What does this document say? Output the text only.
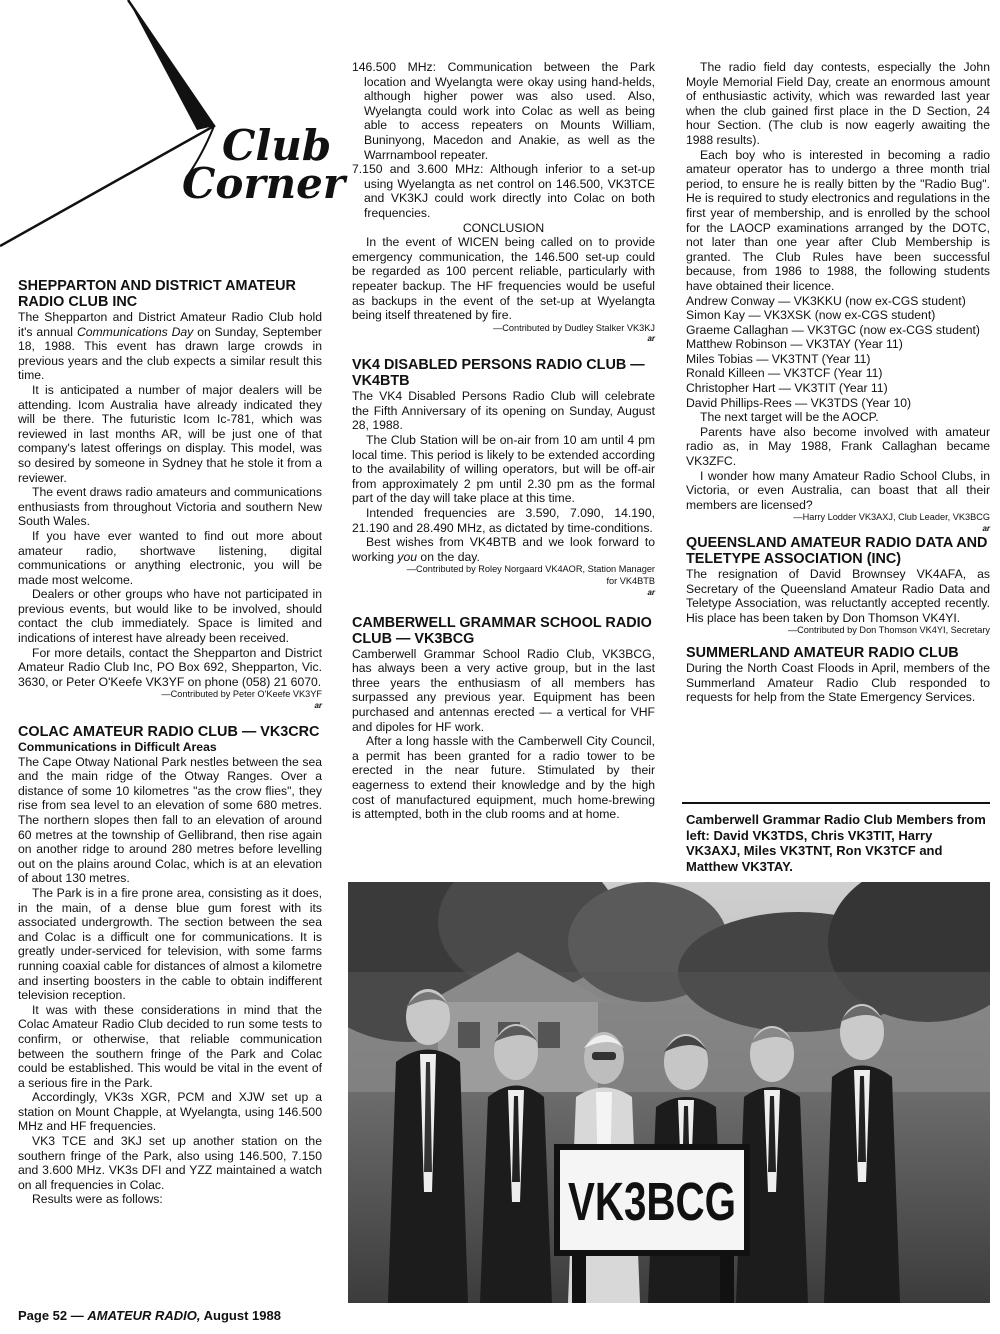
Club
Corner
SHEPPARTON AND DISTRICT AMATEUR RADIO CLUB INC

The Shepparton and District Amateur Radio Club hold it's annual Communications Day on Sunday, September 18, 1988. This event has drawn large crowds in previous years and the club expects a similar result this time.

It is anticipated a number of major dealers will be attending. Icom Australia have already indicated they will be there. The futuristic Icom Ic-781, which was reviewed in last months AR, will be just one of that company's latest offerings on display. This model, was so desired by someone in Sydney that he stole it from a reviewer.

The event draws radio amateurs and communications enthusiasts from throughout Victoria and southern New South Wales.

If you have ever wanted to find out more about amateur radio, shortwave listening, digital communications or anything electronic, you will be made most welcome.

Dealers or other groups who have not participated in previous events, but would like to be involved, should contact the club immediately. Space is limited and indications of interest have already been received.

For more details, contact the Shepparton and District Amateur Radio Club Inc, PO Box 692, Shepparton, Vic. 3630, or Peter O'Keefe VK3YF on phone (058) 21 6070.

—Contributed by Peter O'Keefe VK3YF

ar
COLAC AMATEUR RADIO CLUB — VK3CRC
Communications in Difficult Areas

The Cape Otway National Park nestles between the sea and the main ridge of the Otway Ranges. Over a distance of some 10 kilometres "as the crow flies", they rise from sea level to an elevation of some 680 metres. The northern slopes then fall to an elevation of around 60 metres at the township of Gellibrand, then rise again on another ridge to around 280 metres before levelling out on the plains around Colac, which is at an elevation of about 130 metres.

The Park is in a fire prone area, consisting as it does, in the main, of a dense blue gum forest with its associated undergrowth. The section between the sea and Colac is a difficult one for communications. It is greatly under-serviced for television, with some farms running coaxial cable for distances of almost a kilometre and inserting boosters in the cable to obtain indifferent television reception.

It was with these considerations in mind that the Colac Amateur Radio Club decided to run some tests to confirm, or otherwise, that reliable communication between the southern fringe of the Park and Colac could be established. This would be vital in the event of a serious fire in the Park.

Accordingly, VK3s XGR, PCM and XJW set up a station on Mount Chapple, at Wyelangta, using 146.500 MHz and HF frequencies.

VK3 TCE and 3KJ set up another station on the southern fringe of the Park, also using 146.500, 7.150 and 3.600 MHz. VK3s DFI and YZZ maintained a watch on all frequencies in Colac.

Results were as follows:

146.500 MHz: Communication between the Park location and Wyelangta were okay using hand-helds, although higher power was also used. Also, Wyelangta could work into Colac as well as being able to access repeaters on Mounts William, Buninyong, Macedon and Anakie, as well as the Warrnambool repeater.

7.150 and 3.600 MHz: Although inferior to a set-up using Wyelangta as net control on 146.500, VK3TCE and VK3KJ could work directly into Colac on both frequencies.

CONCLUSION

In the event of WICEN being called on to provide emergency communication, the 146.500 set-up could be regarded as 100 percent reliable, particularly with repeater backup. The HF frequencies would be useful as backups in the event of the set-up at Wyelangta being itself threatened by fire.

—Contributed by Dudley Stalker VK3KJ

ar
VK4 DISABLED PERSONS RADIO CLUB — VK4BTB

The VK4 Disabled Persons Radio Club will celebrate the Fifth Anniversary of its opening on Sunday, August 28, 1988.

The Club Station will be on-air from 10 am until 4 pm local time. This period is likely to be extended according to the availability of willing operators, but will be off-air from approximately 2 pm until 2.30 pm as the formal part of the day will take place at this time.

Intended frequencies are 3.590, 7.090, 14.190, 21.190 and 28.490 MHz, as dictated by time-conditions.

Best wishes from VK4BTB and we look forward to working you on the day.

—Contributed by Roley Norgaard VK4AOR, Station Manager

for VK4BTB

ar
CAMBERWELL GRAMMAR SCHOOL RADIO CLUB — VK3BCG

Camberwell Grammar School Radio Club, VK3BCG, has always been a very active group, but in the last three years the enthusiasm of all members has surpassed any previous year. Equipment has been purchased and antennas erected — a vertical for VHF and dipoles for HF work.

After a long hassle with the Camberwell City Council, a permit has been granted for a radio tower to be erected in the near future. Stimulated by their eagerness to extend their knowledge and by the high cost of manufactured equipment, much home-brewing is attempted, both in the club rooms and at home.

The radio field day contests, especially the John Moyle Memorial Field Day, create an enormous amount of enthusiastic activity, which was rewarded last year when the club gained first place in the D Section, 24 hour Section. (The club is now eagerly awaiting the 1988 results).

Each boy who is interested in becoming a radio amateur operator has to undergo a three month trial period, to ensure he is really bitten by the "Radio Bug". He is required to study electronics and regulations in the first year of membership, and is enrolled by the school for the LAOCP examinations arranged by the DOTC, not later than one year after Club Membership is granted. The Club Rules have been successful because, from 1986 to 1988, the following students have obtained their licence.

Andrew Conway — VK3KKU (now ex-CGS student)

Simon Kay — VK3XSK (now ex-CGS student)

Graeme Callaghan — VK3TGC (now ex-CGS student)

Matthew Robinson — VK3TAY (Year 11)

Miles Tobias — VK3TNT (Year 11)

Ronald Killeen — VK3TCF (Year 11)

Christopher Hart — VK3TIT (Year 11)

David Phillips-Rees — VK3TDS (Year 10)

The next target will be the AOCP.

Parents have also become involved with amateur radio as, in May 1988, Frank Callaghan became VK3ZFC.

I wonder how many Amateur Radio School Clubs, in Victoria, or even Australia, can boast that all their members are licensed?

—Harry Lodder VK3AXJ, Club Leader, VK3BCG

ar
QUEENSLAND AMATEUR RADIO DATA AND TELETYPE ASSOCIATION (INC)

The resignation of David Brownsey VK4AFA, as Secretary of the Queensland Amateur Radio Data and Teletype Association, was reluctantly accepted recently. His place has been taken by Don Thomson VK4YI.

—Contributed by Don Thomson VK4YI, Secretary

SUMMERLAND AMATEUR RADIO CLUB

During the North Coast Floods in April, members of the Summerland Amateur Radio Club responded to requests for help from the State Emergency Services.

Camberwell Grammar Radio Club Members from left: David VK3TDS, Chris VK3TIT, Harry VK3AXJ, Miles VK3TNT, Ron VK3TCF and Matthew VK3TAY.
VK3BCG
Page 52 — AMATEUR RADIO, August 1988
